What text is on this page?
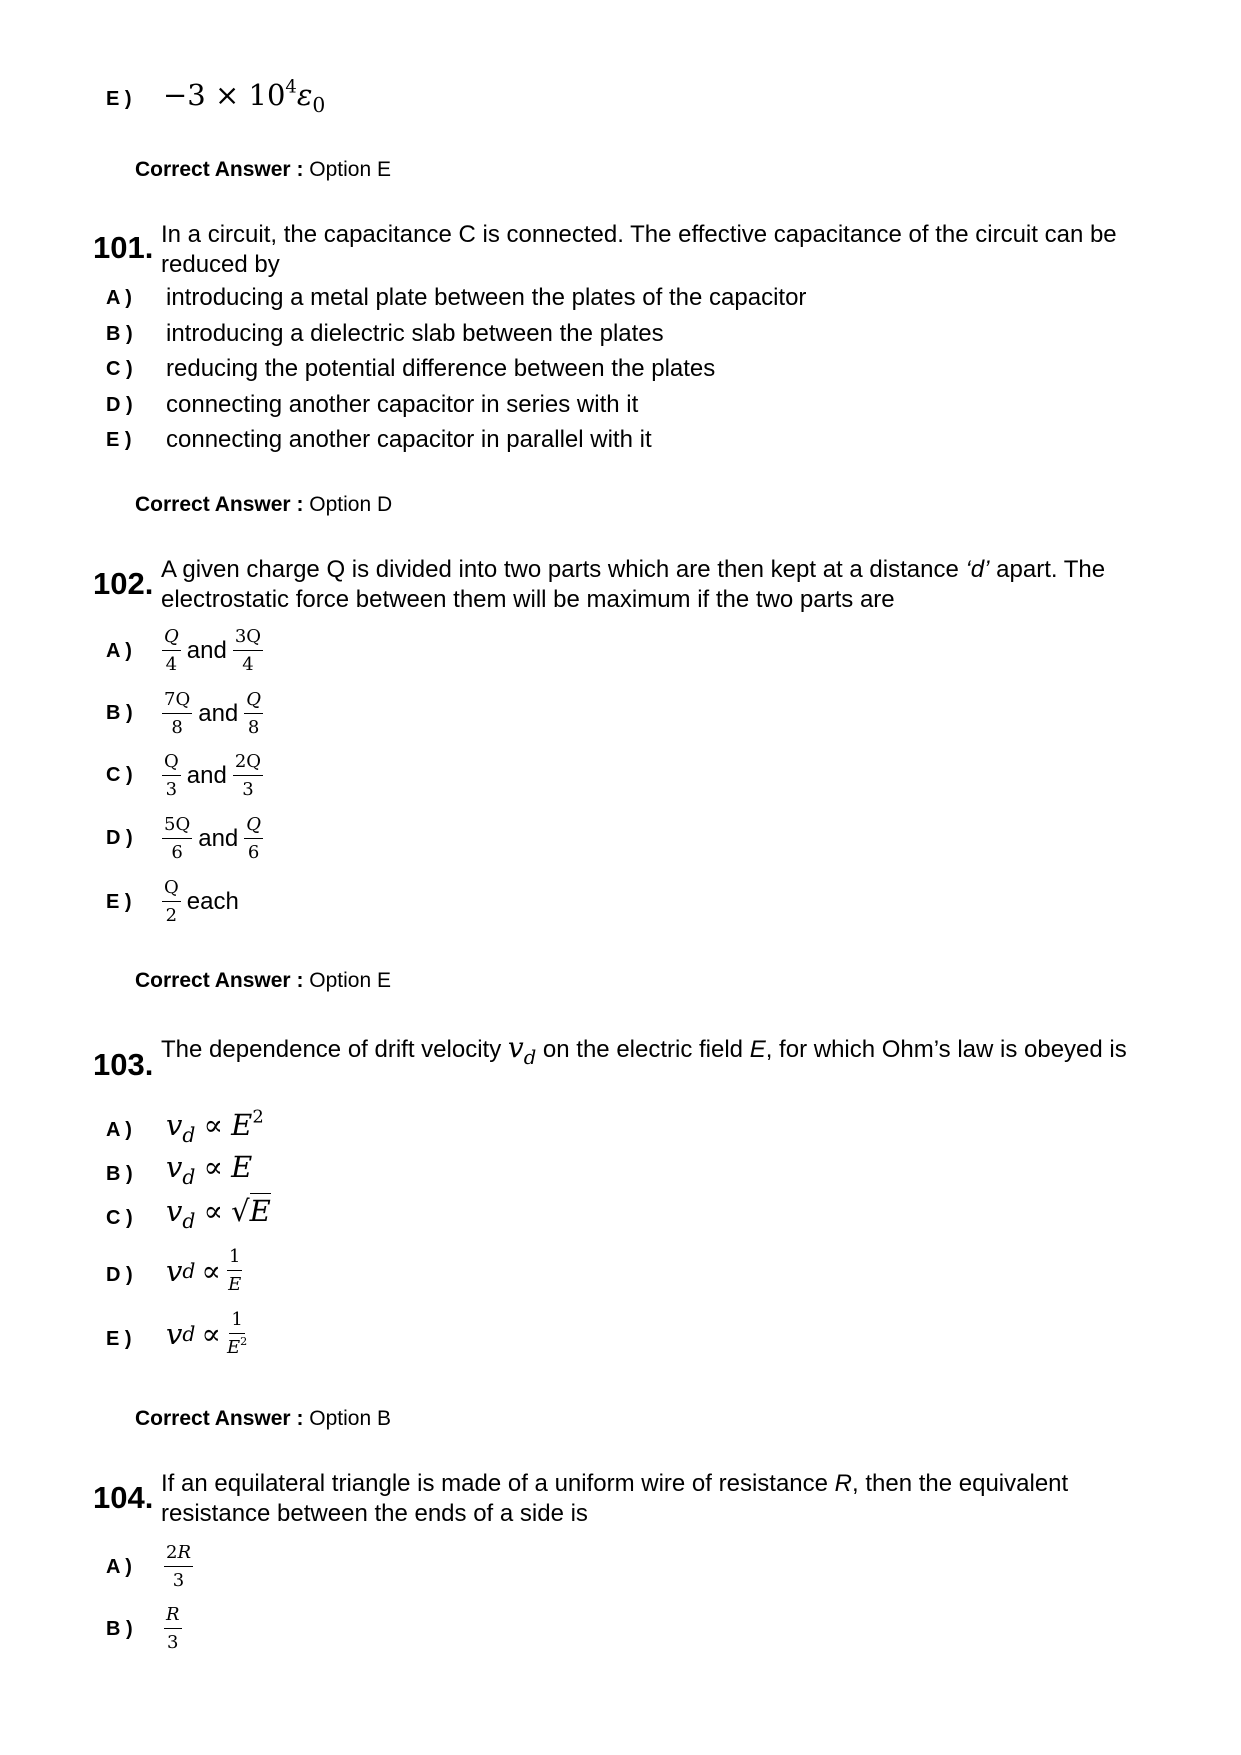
E ) $-3 \times 10^4\varepsilon_0$
Correct Answer : Option E
101. In a circuit, the capacitance C is connected. The effective capacitance of the circuit can be reduced by
A ) introducing a metal plate between the plates of the capacitor
B ) introducing a dielectric slab between the plates
C ) reducing the potential difference between the plates
D ) connecting another capacitor in series with it
E ) connecting another capacitor in parallel with it
Correct Answer : Option D
102. A given charge Q is divided into two parts which are then kept at a distance ‘d’ apart. The electrostatic force between them will be maximum if the two parts are
A ) $\frac{Q}{4}$ and $\frac{3Q}{4}$
B ) $\frac{7Q}{8}$ and $\frac{Q}{8}$
C ) $\frac{Q}{3}$ and $\frac{2Q}{3}$
D ) $\frac{5Q}{6}$ and $\frac{Q}{6}$
E ) $\frac{Q}{2}$ each
Correct Answer : Option E
103. The dependence of drift velocity $v_d$ on the electric field E, for which Ohm’s law is obeyed is
A ) $v_d \propto E^2$
B ) $v_d \propto E$
C ) $v_d \propto √E$
D ) v $d \propto \frac{1}{E}$
E ) v $d \propto \frac{1}{E^2}$
Correct Answer : Option B
104. If an equilateral triangle is made of a uniform wire of resistance R, then the equivalent resistance between the ends of a side is
A ) $\frac{2R}{3}$
B ) $\frac{R}{3}$
